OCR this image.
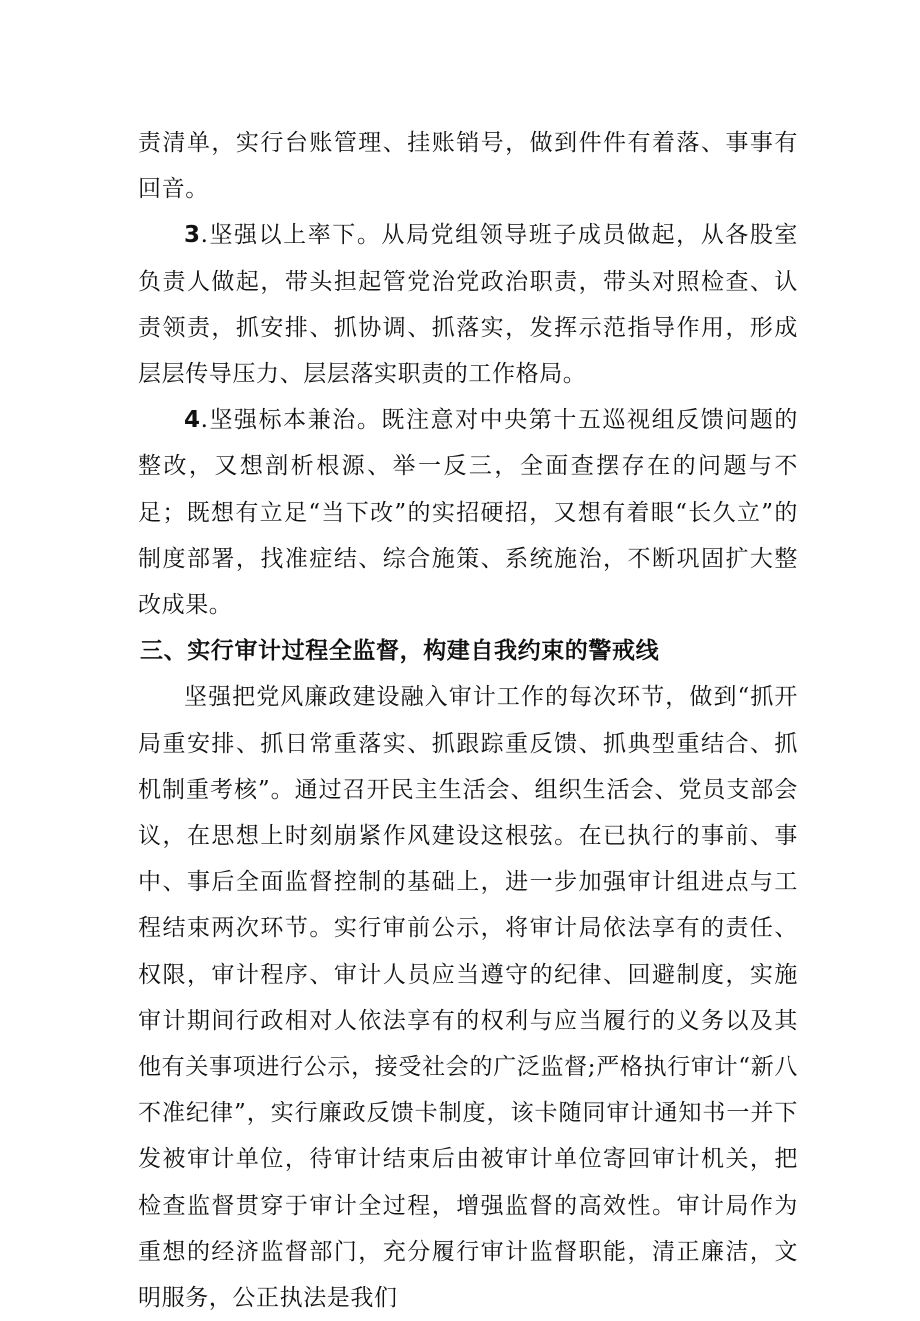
责清单，实行台账管理、挂账销号，做到件件有着落、事事有回音。

3.坚强以上率下。从局党组领导班子成员做起，从各股室负责人做起，带头担起管党治党政治职责，带头对照检查、认责领责，抓安排、抓协调、抓落实，发挥示范指导作用，形成层层传导压力、层层落实职责的工作格局。

4.坚强标本兼治。既注意对中央第十五巡视组反馈问题的整改，又想剖析根源、举一反三，全面查摆存在的问题与不足；既想有立足“当下改”的实招硬招，又想有着眼“长久立”的制度部署，找准症结、综合施策、系统施治，不断巩固扩大整改成果。

三、实行审计过程全监督，构建自我约束的警戒线

坚强把党风廉政建设融入审计工作的每次环节，做到“抓开局重安排、抓日常重落实、抓跟踪重反馈、抓典型重结合、抓机制重考核”。通过召开民主生活会、组织生活会、党员支部会议，在思想上时刻崩紧作风建设这根弦。在已执行的事前、事中、事后全面监督控制的基础上，进一步加强审计组进点与工程结束两次环节。实行审前公示，将审计局依法享有的责任、权限，审计程序、审计人员应当遵守的纪律、回避制度，实施审计期间行政相对人依法享有的权利与应当履行的义务以及其他有关事项进行公示，接受社会的广泛监督;严格执行审计“新八不准纪律”，实行廉政反馈卡制度，该卡随同审计通知书一并下发被审计单位，待审计结束后由被审计单位寄回审计机关，把检查监督贯穿于审计全过程，增强监督的高效性。审计局作为重想的经济监督部门，充分履行审计监督职能，清正廉洁，文明服务，公正执法是我们
